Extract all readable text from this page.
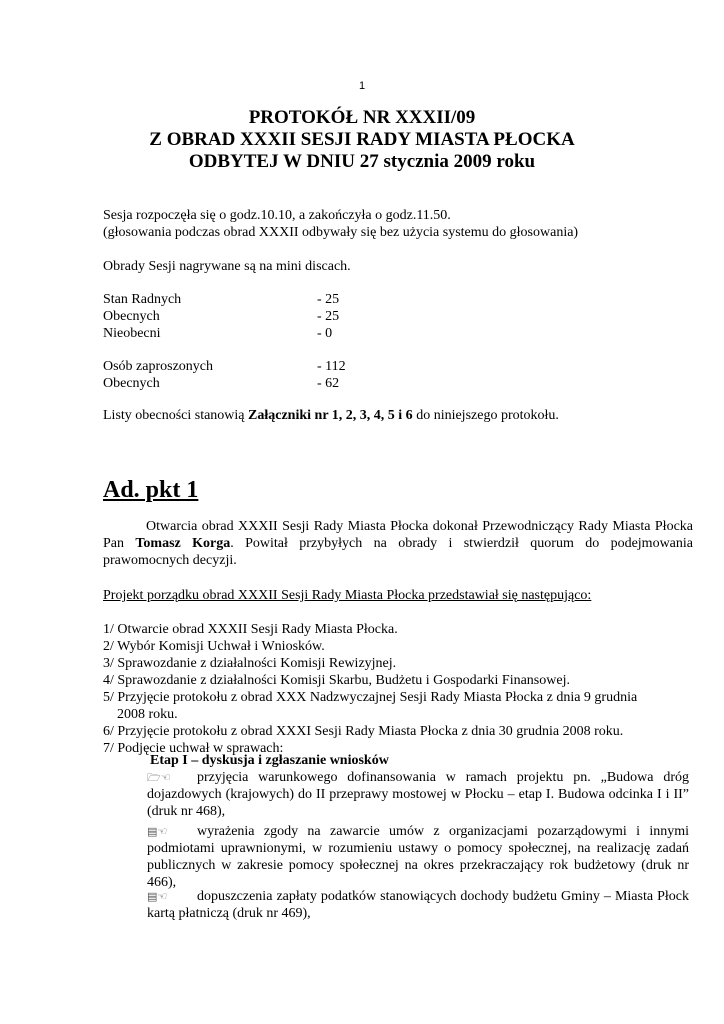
1
PROTOKÓŁ NR XXXII/09
Z OBRAD XXXII SESJI RADY MIASTA PŁOCKA
ODBYTEJ W DNIU 27 stycznia 2009 roku
Sesja rozpoczęła się o godz.10.10, a zakończyła o godz.11.50.
(głosowania podczas obrad XXXII odbywały się bez użycia systemu do głosowania)
Obrady Sesji nagrywane są na mini discach.
Stan Radnych	- 25
Obecnych	- 25
Nieobecni	- 0
Osób zaproszonych	- 112
Obecnych	- 62
Listy obecności stanowią Załączniki nr 1, 2, 3, 4, 5 i 6 do niniejszego protokołu.
Ad. pkt 1
Otwarcia obrad XXXII Sesji Rady Miasta Płocka dokonał Przewodniczący Rady Miasta Płocka Pan Tomasz Korga. Powitał przybyłych na obrady i stwierdził quorum do podejmowania prawomocnych decyzji.
Projekt porządku obrad XXXII Sesji Rady Miasta Płocka przedstawiał się następująco:
1/ Otwarcie obrad XXXII Sesji Rady Miasta Płocka.
2/ Wybór Komisji Uchwał i Wniosków.
3/ Sprawozdanie z działalności Komisji Rewizyjnej.
4/ Sprawozdanie z działalności Komisji Skarbu, Budżetu i Gospodarki Finansowej.
5/ Przyjęcie protokołu z obrad XXX Nadzwyczajnej Sesji Rady Miasta Płocka z dnia 9 grudnia
2008 roku.
6/ Przyjęcie protokołu z obrad XXXI Sesji Rady Miasta Płocka z dnia 30 grudnia 2008 roku.
7/ Podjęcie uchwał w sprawach:
Etap I – dyskusja i zgłaszanie wniosków
🗁☜ przyjęcia warunkowego dofinansowania w ramach projektu pn. „Budowa dróg dojazdowych (krajowych) do II przeprawy mostowej w Płocku – etap I. Budowa odcinka I i II” (druk nr 468),
▤☜ wyrażenia zgody na zawarcie umów z organizacjami pozarządowymi i innymi podmiotami uprawnionymi, w rozumieniu ustawy o pomocy społecznej, na realizację zadań publicznych w zakresie pomocy społecznej na okres przekraczający rok budżetowy (druk nr 466),
▤☜ dopuszczenia zapłaty podatków stanowiących dochody budżetu Gminy – Miasta Płock kartą płatniczą (druk nr 469),
